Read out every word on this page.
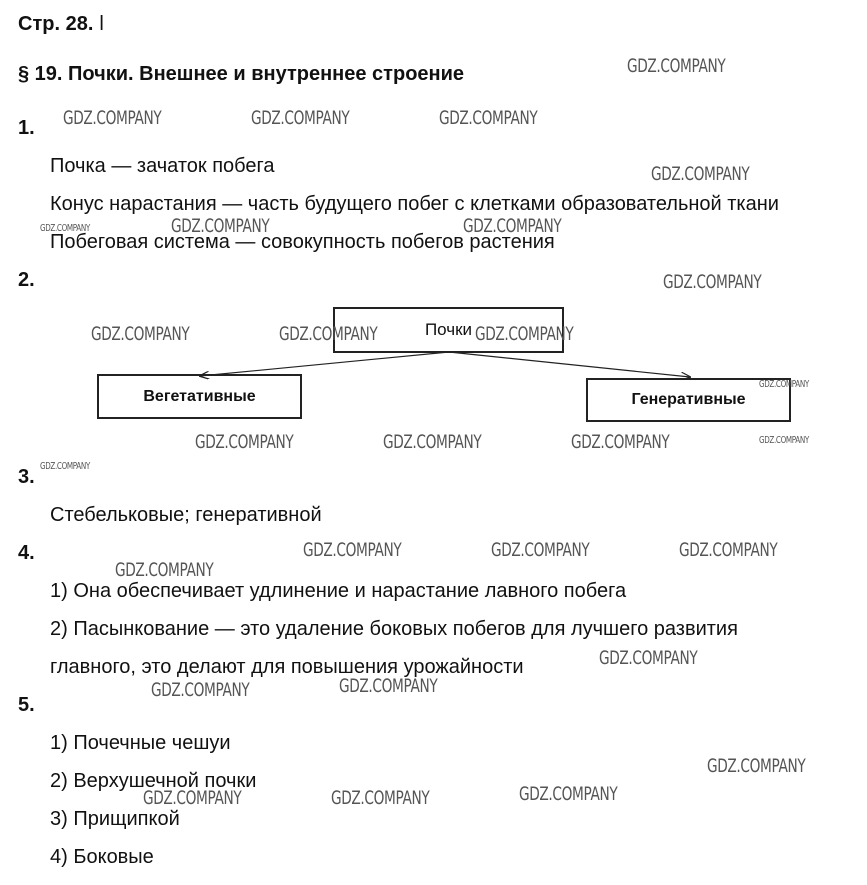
Стр. 28. ǀ
§ 19. Почки. Внешнее и внутреннее строение
1.
Почка — зачаток побега
Конус нарастания — часть будущего побег с клетками образовательной ткани
Побеговая система — совокупность побегов растения
2.
Почки
Вегетативные	Генеративные
3.
Стебельковые; генеративной
4.
1) Она обеспечивает удлинение и нарастание лавного побега
2) Пасынкование — это удаление боковых побегов для лучшего развития
главного, это делают для повышения урожайности
5.
1) Почечные чешуи
2) Верхушечной почки
3) Прищипкой
4) Боковые
GDZ.COMPANY
GDZ.COMPANY	GDZ.COMPANY	GDZ.COMPANY
GDZ.COMPANY
GDZ.COMPANY	GDZ.COMPANY	GDZ.COMPANY
GDZ.COMPANY
GDZ.COMPANY	GDZ.COMPANY	GDZ.COMPANY
GDZ.COMPANY
GDZ.COMPANY
GDZ.COMPANY	GDZ.COMPANY	GDZ.COMPANY
GDZ.COMPANY
GDZ.COMPANY	GDZ.COMPANY	GDZ.COMPANY
GDZ.COMPANY
GDZ.COMPANY
GDZ.COMPANY	GDZ.COMPANY
GDZ.COMPANY
GDZ.COMPANY	GDZ.COMPANY	GDZ.COMPANY
